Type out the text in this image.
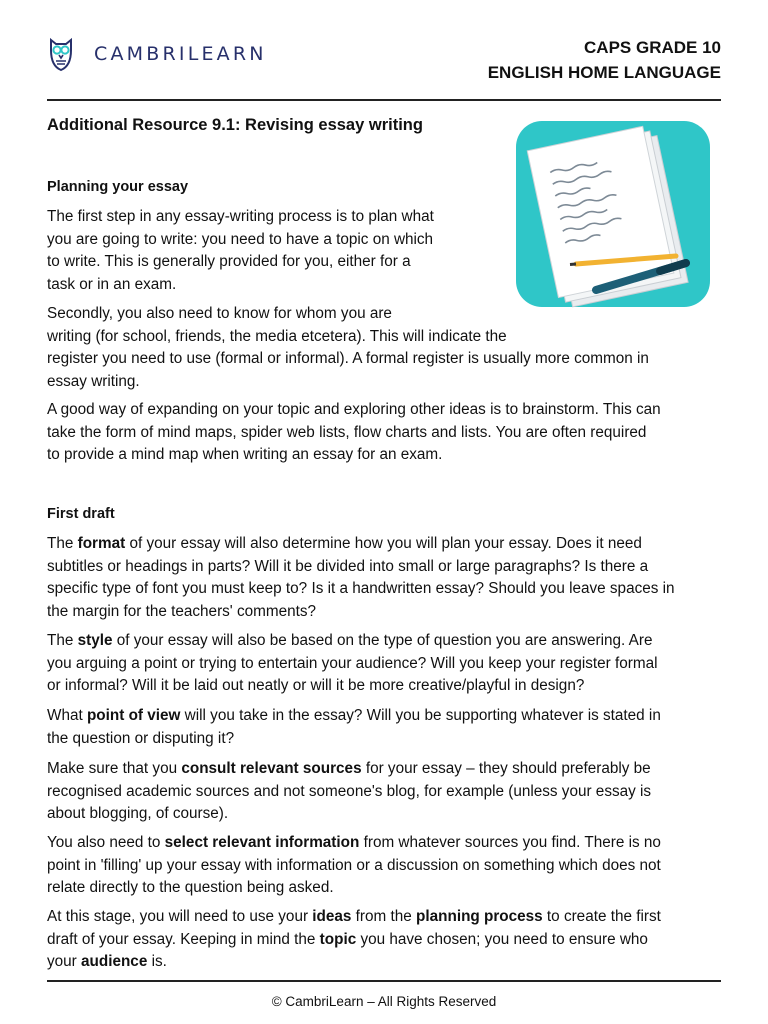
CAMBRILEARN	CAPS GRADE 10
ENGLISH HOME LANGUAGE
Additional Resource 9.1: Revising essay writing
Planning your essay
The first step in any essay-writing process is to plan what
you are going to write: you need to have a topic on which
to write. This is generally provided for you, either for a
task or in an exam.
Secondly, you also need to know for whom you are
writing (for school, friends, the media etcetera). This will indicate the
register you need to use (formal or informal). A formal register is usually more common in
essay writing.
A good way of expanding on your topic and exploring other ideas is to brainstorm. This can
take the form of mind maps, spider web lists, flow charts and lists. You are often required
to provide a mind map when writing an essay for an exam.
First draft
The format of your essay will also determine how you will plan your essay. Does it need
subtitles or headings in parts? Will it be divided into small or large paragraphs? Is there a
specific type of font you must keep to? Is it a handwritten essay? Should you leave spaces in
the margin for the teachers' comments?
The style of your essay will also be based on the type of question you are answering. Are
you arguing a point or trying to entertain your audience? Will you keep your register formal
or informal? Will it be laid out neatly or will it be more creative/playful in design?
What point of view will you take in the essay? Will you be supporting whatever is stated in
the question or disputing it?
Make sure that you consult relevant sources for your essay – they should preferably be
recognised academic sources and not someone's blog, for example (unless your essay is
about blogging, of course).
You also need to select relevant information from whatever sources you find. There is no
point in 'filling' up your essay with information or a discussion on something which does not
relate directly to the question being asked.
At this stage, you will need to use your ideas from the planning process to create the first
draft of your essay. Keeping in mind the topic you have chosen; you need to ensure who
your audience is.
© CambriLearn – All Rights Reserved
